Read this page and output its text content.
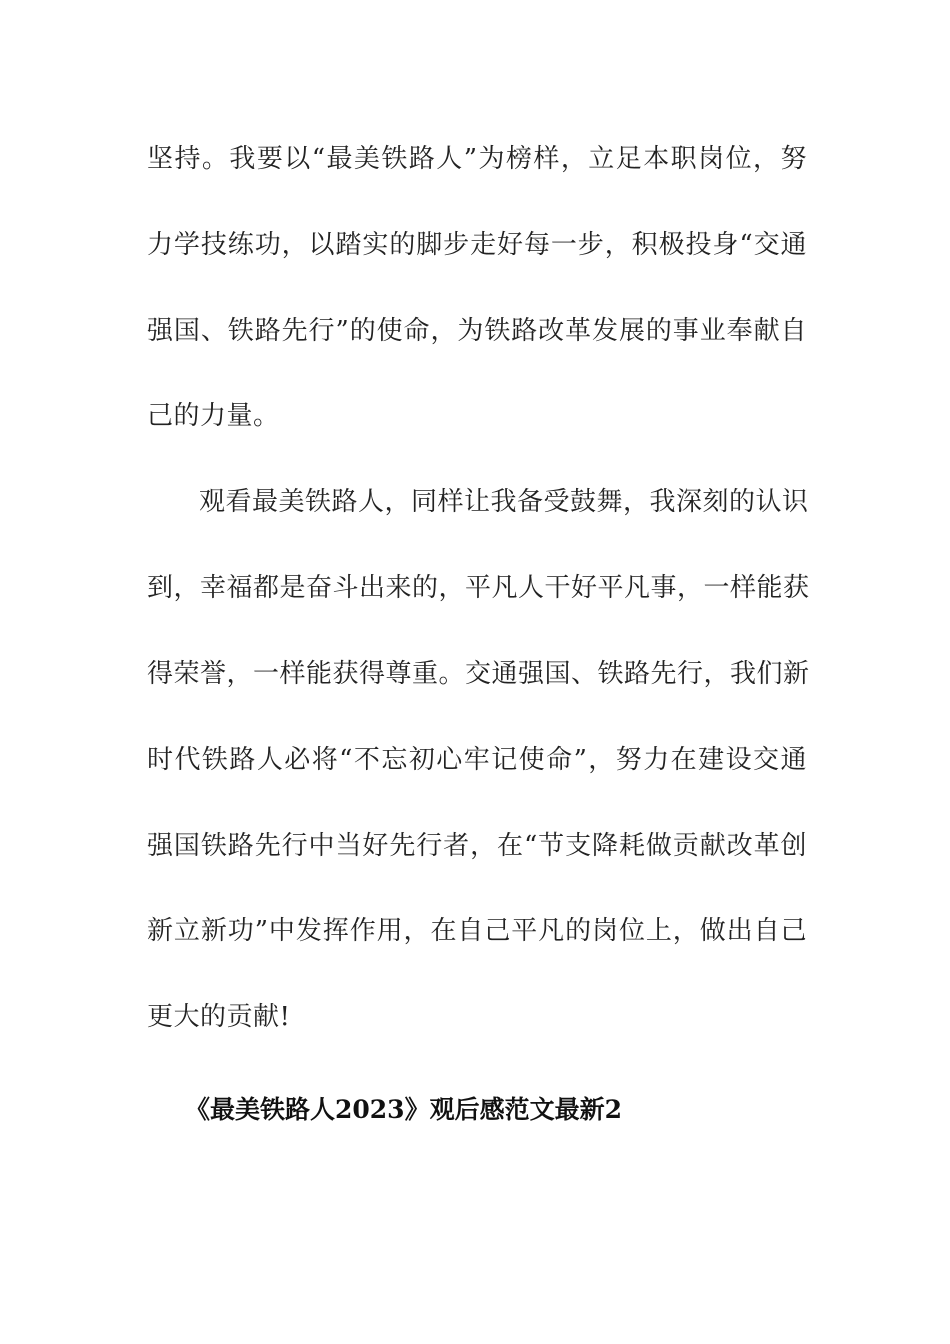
坚持。我要以“最美铁路人”为榜样，立足本职岗位，努
力学技练功，以踏实的脚步走好每一步，积极投身“交通
强国、铁路先行”的使命，为铁路改革发展的事业奉献自
己的力量。
观看最美铁路人，同样让我备受鼓舞，我深刻的认识
到，幸福都是奋斗出来的，平凡人干好平凡事，一样能获
得荣誉，一样能获得尊重。交通强国、铁路先行，我们新
时代铁路人必将“不忘初心牢记使命”，努力在建设交通
强国铁路先行中当好先行者，在“节支降耗做贡献改革创
新立新功”中发挥作用，在自己平凡的岗位上，做出自己
更大的贡献!
《最美铁路人2023》观后感范文最新2
